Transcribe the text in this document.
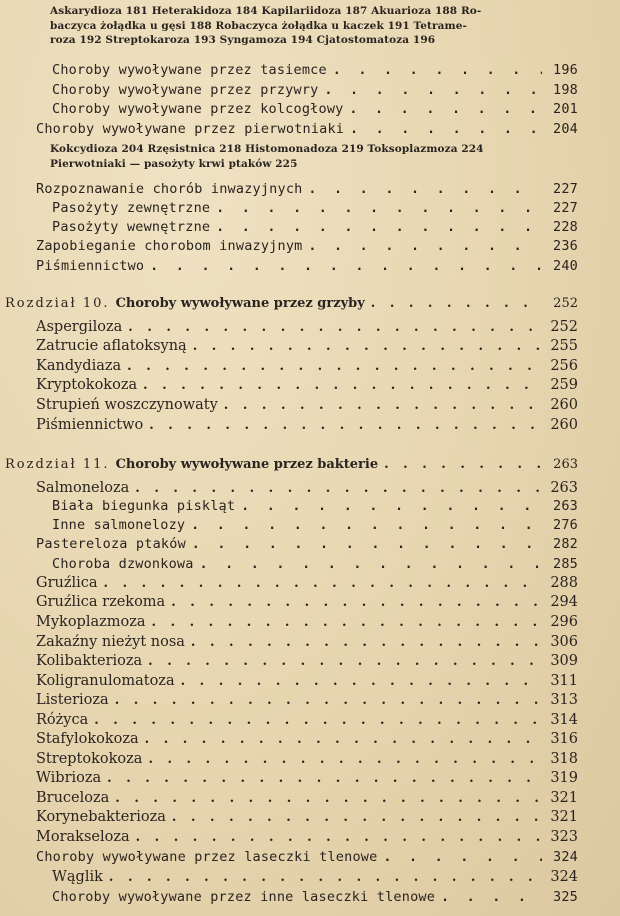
Askarydioza 181 Heterakidoza 184 Kapilariidoza 187 Akuarioza 188 Ro-
baczyca żołądka u gęsi 188 Robaczyca żołądka u kaczek 191 Tetrame-
roza 192 Streptokaroza 193 Syngamoza 194 Cjatostomatoza 196
Choroby wywoływane przez tasiemce . . .	196
Choroby wywoływane przez przywry . . .	198
Choroby wywoływane przez kolcogłowy . . .	201
Choroby wywoływane przez pierwotniaki . . .	204
Kokcydioza 204 Rzęsistnica 218 Histomonadoza 219 Toksoplazmoza 224
Pierwotniaki — pasożyty krwi ptaków 225
Rozpoznawanie chorób inwazyjnych . . .	227
Pasożyty zewnętrzne . . .	227
Pasożyty wewnętrzne . . .	228
Zapobieganie chorobom inwazyjnym . . .	236
Piśmiennictwo . . .	240
Rozdział 10. Choroby wywoływane przez grzyby . . .	252
Aspergiloza . . .	252
Zatrucie aflatoksyną . . .	255
Kandydiaza . . .	256
Kryptokokoza . . .	259
Strupień woszczynowaty . . .	260
Piśmiennictwo . . .	260
Rozdział 11. Choroby wywoływane przez bakterie . . .	263
Salmoneloza . . .	263
Biała biegunka piskląt . . .	263
Inne salmonelozy . . .	276
Pastereloza ptaków . . .	282
Choroba dzwonkowa . . .	285
Gruźlica . . .	288
Gruźlica rzekoma . . .	294
Mykoplazmoza . . .	296
Zakaźny nieżyt nosa . . .	306
Kolibakterioza . . .	309
Koligranulomatoza . . .	311
Listerioza . . .	313
Różyca . . .	314
Stafylokokoza . . .	316
Streptokokoza . . .	318
Wibrioza . . .	319
Bruceloza . . .	321
Korynebakterioza . . .	321
Morakseloza . . .	323
Choroby wywoływane przez laseczki tlenowe . . .	324
Wąglik . . .	324
Choroby wywoływane przez inne laseczki tlenowe . . .	325
